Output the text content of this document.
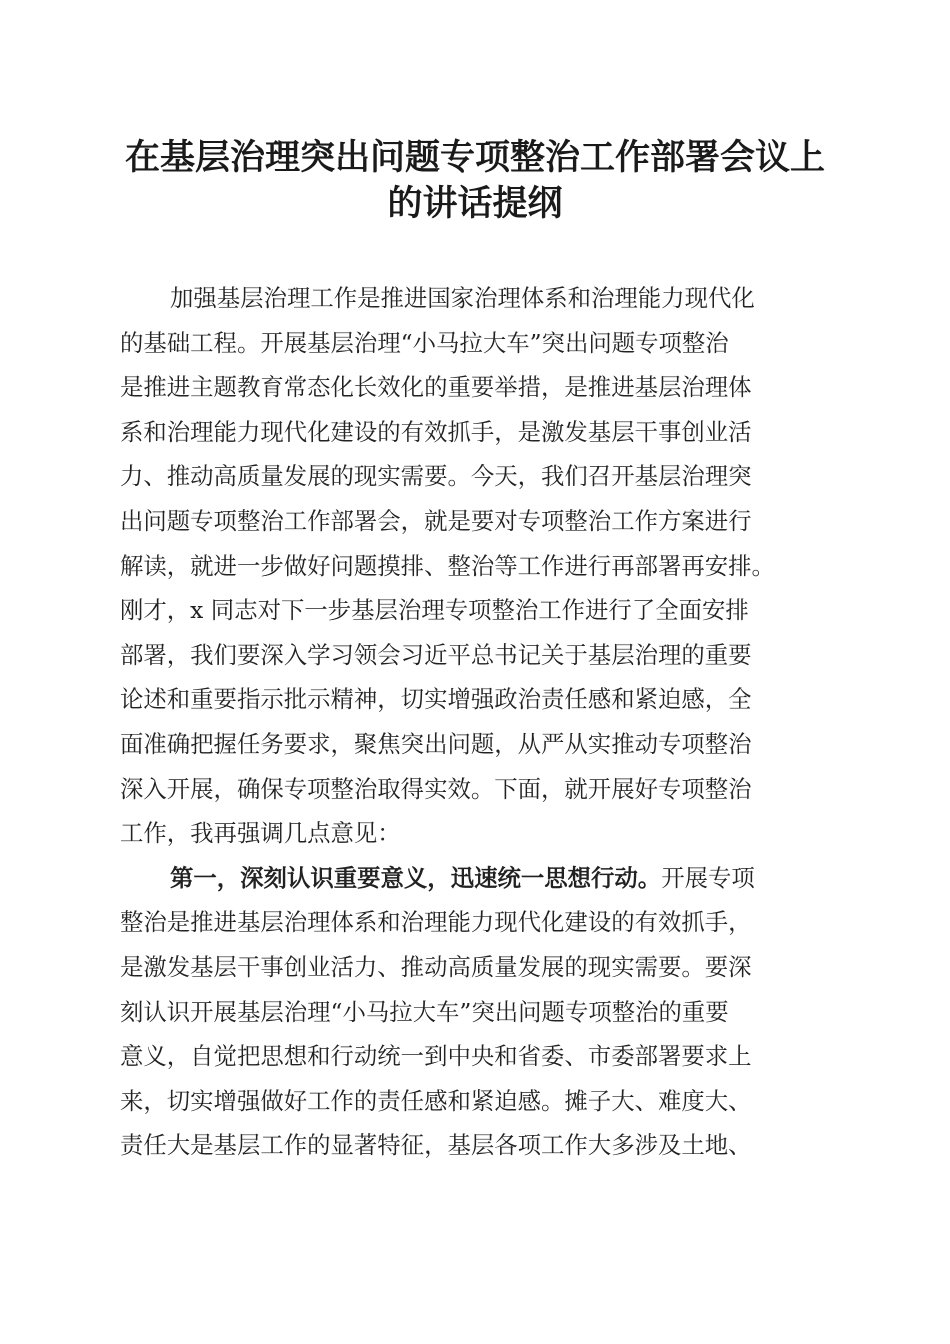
在基层治理突出问题专项整治工作部署会议上
的讲话提纲
加强基层治理工作是推进国家治理体系和治理能力现代化
的基础工程。开展基层治理“小马拉大车”突出问题专项整治
是推进主题教育常态化长效化的重要举措，是推进基层治理体
系和治理能力现代化建设的有效抓手，是激发基层干事创业活
力、推动高质量发展的现实需要。今天，我们召开基层治理突
出问题专项整治工作部署会，就是要对专项整治工作方案进行
解读，就进一步做好问题摸排、整治等工作进行再部署再安排。
刚才，x 同志对下一步基层治理专项整治工作进行了全面安排
部署，我们要深入学习领会习近平总书记关于基层治理的重要
论述和重要指示批示精神，切实增强政治责任感和紧迫感，全
面准确把握任务要求，聚焦突出问题，从严从实推动专项整治
深入开展，确保专项整治取得实效。下面，就开展好专项整治
工作，我再强调几点意见：
第一，深刻认识重要意义，迅速统一思想行动。开展专项
整治是推进基层治理体系和治理能力现代化建设的有效抓手，
是激发基层干事创业活力、推动高质量发展的现实需要。要深
刻认识开展基层治理“小马拉大车”突出问题专项整治的重要
意义，自觉把思想和行动统一到中央和省委、市委部署要求上
来，切实增强做好工作的责任感和紧迫感。摊子大、难度大、
责任大是基层工作的显著特征，基层各项工作大多涉及土地、
